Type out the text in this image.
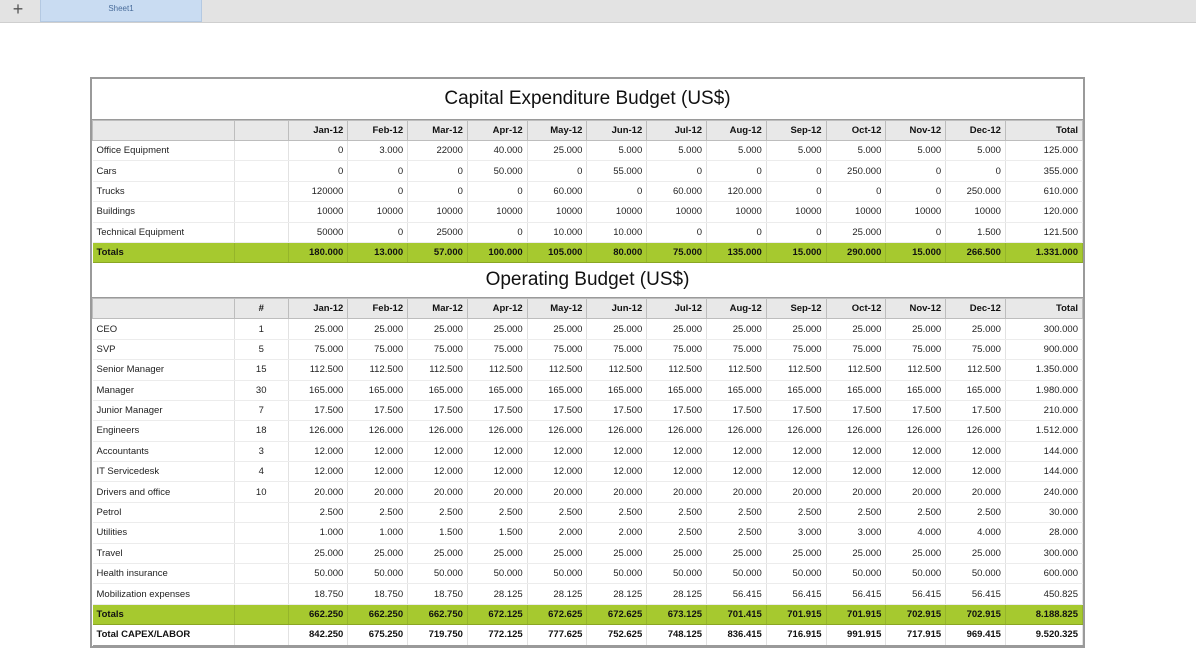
+	Sheet1
Capital Expenditure Budget (US$)
		Jan-12	Feb-12	Mar-12	Apr-12	May-12	Jun-12	Jul-12	Aug-12	Sep-12	Oct-12	Nov-12	Dec-12	Total
Office Equipment		0	3.000	22000	40.000	25.000	5.000	5.000	5.000	5.000	5.000	5.000	5.000	125.000
Cars		0	0	0	50.000	0	55.000	0	0	0	250.000	0	0	355.000
Trucks		120000	0	0	0	60.000	0	60.000	120.000	0	0	0	250.000	610.000
Buildings		10000	10000	10000	10000	10000	10000	10000	10000	10000	10000	10000	10000	120.000
Technical Equipment		50000	0	25000	0	10.000	10.000	0	0	0	25.000	0	1.500	121.500
Totals		180.000	13.000	57.000	100.000	105.000	80.000	75.000	135.000	15.000	290.000	15.000	266.500	1.331.000
Operating Budget (US$)
	#	Jan-12	Feb-12	Mar-12	Apr-12	May-12	Jun-12	Jul-12	Aug-12	Sep-12	Oct-12	Nov-12	Dec-12	Total
CEO	1	25.000	25.000	25.000	25.000	25.000	25.000	25.000	25.000	25.000	25.000	25.000	25.000	300.000
SVP	5	75.000	75.000	75.000	75.000	75.000	75.000	75.000	75.000	75.000	75.000	75.000	75.000	900.000
Senior Manager	15	112.500	112.500	112.500	112.500	112.500	112.500	112.500	112.500	112.500	112.500	112.500	112.500	1.350.000
Manager	30	165.000	165.000	165.000	165.000	165.000	165.000	165.000	165.000	165.000	165.000	165.000	165.000	1.980.000
Junior Manager	7	17.500	17.500	17.500	17.500	17.500	17.500	17.500	17.500	17.500	17.500	17.500	17.500	210.000
Engineers	18	126.000	126.000	126.000	126.000	126.000	126.000	126.000	126.000	126.000	126.000	126.000	126.000	1.512.000
Accountants	3	12.000	12.000	12.000	12.000	12.000	12.000	12.000	12.000	12.000	12.000	12.000	12.000	144.000
IT Servicedesk	4	12.000	12.000	12.000	12.000	12.000	12.000	12.000	12.000	12.000	12.000	12.000	12.000	144.000
Drivers and office	10	20.000	20.000	20.000	20.000	20.000	20.000	20.000	20.000	20.000	20.000	20.000	20.000	240.000
Petrol		2.500	2.500	2.500	2.500	2.500	2.500	2.500	2.500	2.500	2.500	2.500	2.500	30.000
Utilities		1.000	1.000	1.500	1.500	2.000	2.000	2.500	2.500	3.000	3.000	4.000	4.000	28.000
Travel		25.000	25.000	25.000	25.000	25.000	25.000	25.000	25.000	25.000	25.000	25.000	25.000	300.000
Health insurance		50.000	50.000	50.000	50.000	50.000	50.000	50.000	50.000	50.000	50.000	50.000	50.000	600.000
Mobilization expenses		18.750	18.750	18.750	28.125	28.125	28.125	28.125	56.415	56.415	56.415	56.415	56.415	450.825
Totals		662.250	662.250	662.750	672.125	672.625	672.625	673.125	701.415	701.915	701.915	702.915	702.915	8.188.825
Total CAPEX/LABOR		842.250	675.250	719.750	772.125	777.625	752.625	748.125	836.415	716.915	991.915	717.915	969.415	9.520.325
